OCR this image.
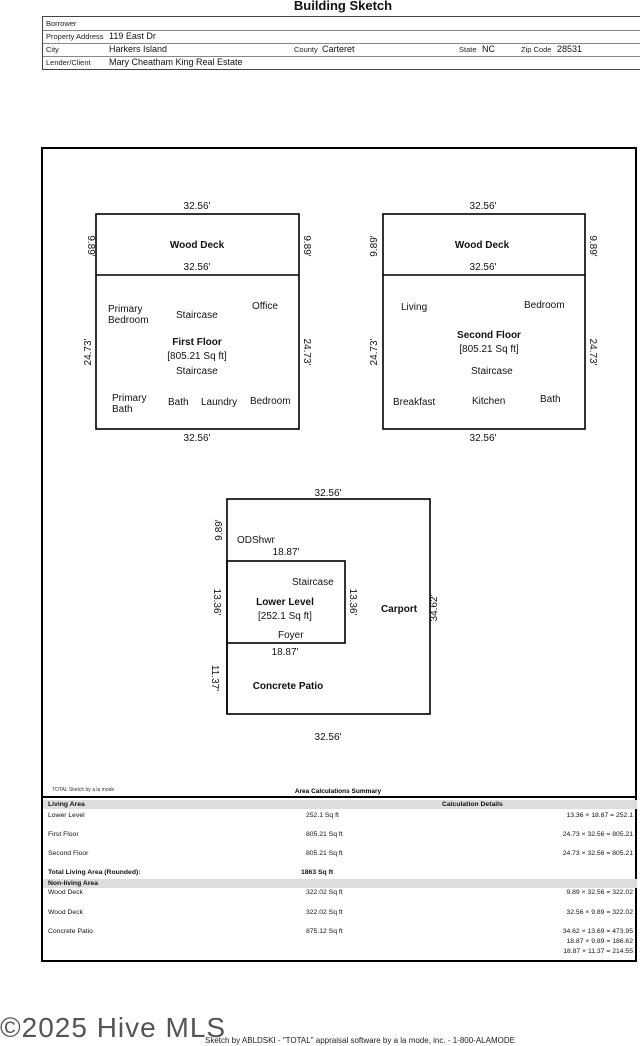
Building Sketch
Borrower
Property Address 119 East Dr
City	Harkers Island	County Carteret	State NC	Zip Code 28531
Lender/Client Mary Cheatham King Real Estate
32.56'
Wood Deck
32.56'
9.89'	9.89'
24.73'	24.73'
Primary
Bedroom	Staircase
Office
First Floor
[805.21 Sq ft]
Staircase
Primary
Bath
Bath Laundry Bedroom
32.56'
32.56'
Wood Deck
32.56'
9.89'	9.89'
24.73'	24.73'
Living	Bedroom
Second Floor
[805.21 Sq ft]
Staircase
Breakfast	Kitchen	Bath
32.56'
32.56'
9.89' ODShwr
18.87'
13.36'	13.36'
Staircase
Lower Level
[252.1 Sq ft]
Foyer
Carport 34.62'
18.87'
11.37'	Concrete Patio
32.56'
TOTAL Sketch by a la mode	Area Calculations Summary
Living Area	Calculation Details
Lower Level	252.1 Sq ft	13.36 × 18.87 = 252.1
First Floor	805.21 Sq ft	24.73 × 32.56 = 805.21
Second Floor	805.21 Sq ft	24.73 × 32.56 = 805.21
Total Living Area (Rounded):	1863 Sq ft
Non-living Area
Wood Deck	322.02 Sq ft	9.89 × 32.56 = 322.02
Wood Deck	322.02 Sq ft	32.56 × 9.89 = 322.02
Concrete Patio	875.12 Sq ft	34.62 × 13.69 = 473.95
18.87 × 9.89 = 186.62
18.87 × 11.37 = 214.55
©2025 Hive MLS
Sketch by ABLDSKI - "TOTAL" appraisal software by a la mode, inc. - 1-800-ALAMODE
